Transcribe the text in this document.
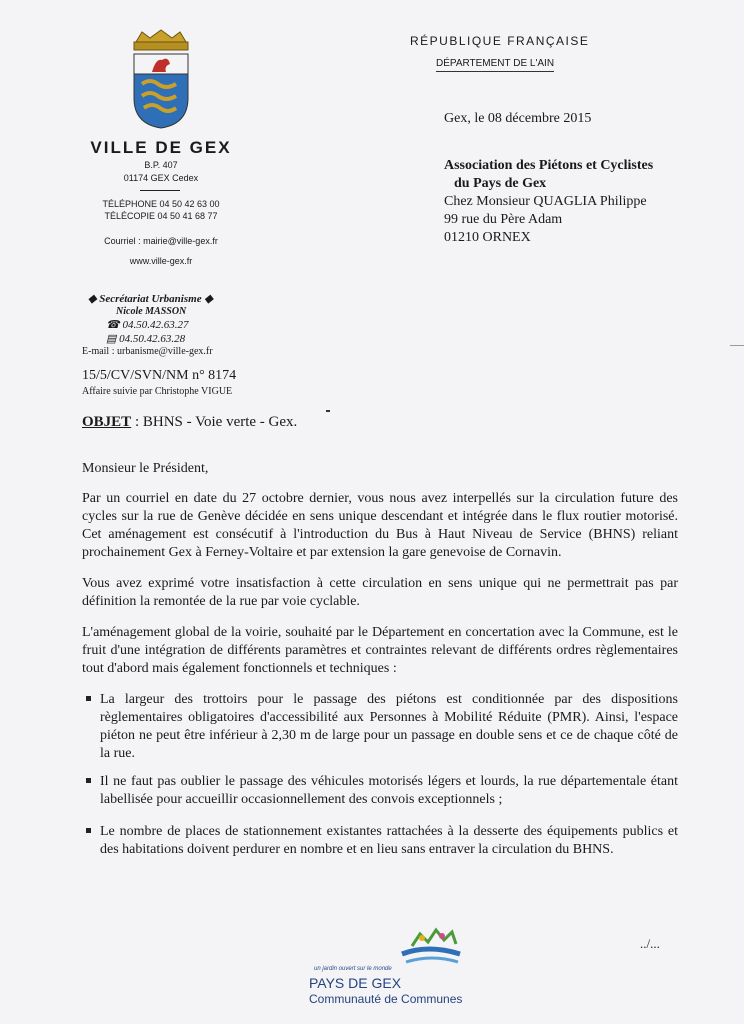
VILLE DE GEX
B.P. 407
01174 GEX Cedex
TÉLÉPHONE 04 50 42 63 00
TÉLÉCOPIE 04 50 41 68 77
Courriel : mairie@ville-gex.fr
www.ville-gex.fr
◆ Secrétariat Urbanisme ◆
Nicole MASSON
☎ 04.50.42.63.27
▤ 04.50.42.63.28
E-mail : urbanisme@ville-gex.fr
15/5/CV/SVN/NM n° 8174
Affaire suivie par Christophe VIGUE
RÉPUBLIQUE FRANÇAISE
DÉPARTEMENT DE L'AIN
Gex, le 08 décembre 2015
Association des Piétons et Cyclistes
du Pays de Gex
Chez Monsieur QUAGLIA Philippe
99 rue du Père Adam
01210 ORNEX
OBJET : BHNS - Voie verte - Gex.
Monsieur le Président,
Par un courriel en date du 27 octobre dernier, vous nous avez interpellés sur la circulation future des cycles sur la rue de Genève décidée en sens unique descendant et intégrée dans le flux routier motorisé. Cet aménagement est consécutif à l'introduction du Bus à Haut Niveau de Service (BHNS) reliant prochainement Gex à Ferney-Voltaire et par extension la gare genevoise de Cornavin.
Vous avez exprimé votre insatisfaction à cette circulation en sens unique qui ne permettrait pas par définition la remontée de la rue par voie cyclable.
L'aménagement global de la voirie, souhaité par le Département en concertation avec la Commune, est le fruit d'une intégration de différents paramètres et contraintes relevant de différents ordres règlementaires tout d'abord mais également fonctionnels et techniques :
La largeur des trottoirs pour le passage des piétons est conditionnée par des dispositions règlementaires obligatoires d'accessibilité aux Personnes à Mobilité Réduite (PMR). Ainsi, l'espace piéton ne peut être inférieur à 2,30 m de large pour un passage en double sens et ce de chaque côté de la rue.
Il ne faut pas oublier le passage des véhicules motorisés légers et lourds, la rue départementale étant labellisée pour accueillir occasionnellement des convois exceptionnels ;
Le nombre de places de stationnement existantes rattachées à la desserte des équipements publics et des habitations doivent perdurer en nombre et en lieu sans entraver la circulation du BHNS.
../...
un jardin ouvert sur le monde
PAYS DE GEX
Communauté de Communes
